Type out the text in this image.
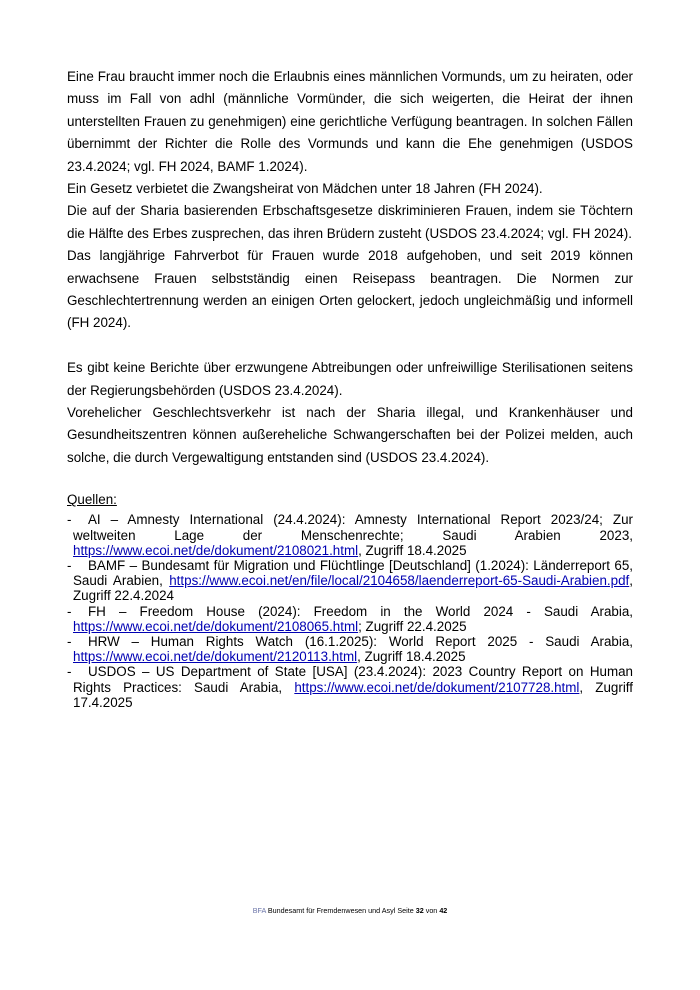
Eine Frau braucht immer noch die Erlaubnis eines männlichen Vormunds, um zu heiraten, oder muss im Fall von adhl (männliche Vormünder, die sich weigerten, die Heirat der ihnen unterstellten Frauen zu genehmigen) eine gerichtliche Verfügung beantragen. In solchen Fällen übernimmt der Richter die Rolle des Vormunds und kann die Ehe genehmigen (USDOS 23.4.2024; vgl. FH 2024, BAMF 1.2024).

Ein Gesetz verbietet die Zwangsheirat von Mädchen unter 18 Jahren (FH 2024).

Die auf der Sharia basierenden Erbschaftsgesetze diskriminieren Frauen, indem sie Töchtern die Hälfte des Erbes zusprechen, das ihren Brüdern zusteht (USDOS 23.4.2024; vgl. FH 2024).

Das langjährige Fahrverbot für Frauen wurde 2018 aufgehoben, und seit 2019 können erwachsene Frauen selbstständig einen Reisepass beantragen. Die Normen zur Geschlechtertrennung werden an einigen Orten gelockert, jedoch ungleichmäßig und informell (FH 2024).

Es gibt keine Berichte über erzwungene Abtreibungen oder unfreiwillige Sterilisationen seitens der Regierungsbehörden (USDOS 23.4.2024).

Vorehelicher Geschlechtsverkehr ist nach der Sharia illegal, und Krankenhäuser und Gesundheitszentren können außereheliche Schwangerschaften bei der Polizei melden, auch solche, die durch Vergewaltigung entstanden sind (USDOS 23.4.2024).

Quellen:
-	AI – Amnesty International (24.4.2024): Amnesty International Report 2023/24; Zur weltweiten Lage der Menschenrechte; Saudi Arabien 2023, https://www.ecoi.net/de/dokument/2108021.html, Zugriff 18.4.2025
-	BAMF – Bundesamt für Migration und Flüchtlinge [Deutschland] (1.2024): Länderreport 65, Saudi Arabien, https://www.ecoi.net/en/file/local/2104658/laenderreport-65-Saudi-Arabien.pdf, Zugriff 22.4.2024
-	FH – Freedom House (2024): Freedom in the World 2024 - Saudi Arabia, https://www.ecoi.net/de/dokument/2108065.html; Zugriff 22.4.2025
-	HRW – Human Rights Watch (16.1.2025): World Report 2025 - Saudi Arabia, https://www.ecoi.net/de/dokument/2120113.html, Zugriff 18.4.2025
-	USDOS – US Department of State [USA] (23.4.2024): 2023 Country Report on Human Rights Practices: Saudi Arabia, https://www.ecoi.net/de/dokument/2107728.html, Zugriff 17.4.2025
BFA Bundesamt für Fremdenwesen und Asyl Seite 32 von 42
